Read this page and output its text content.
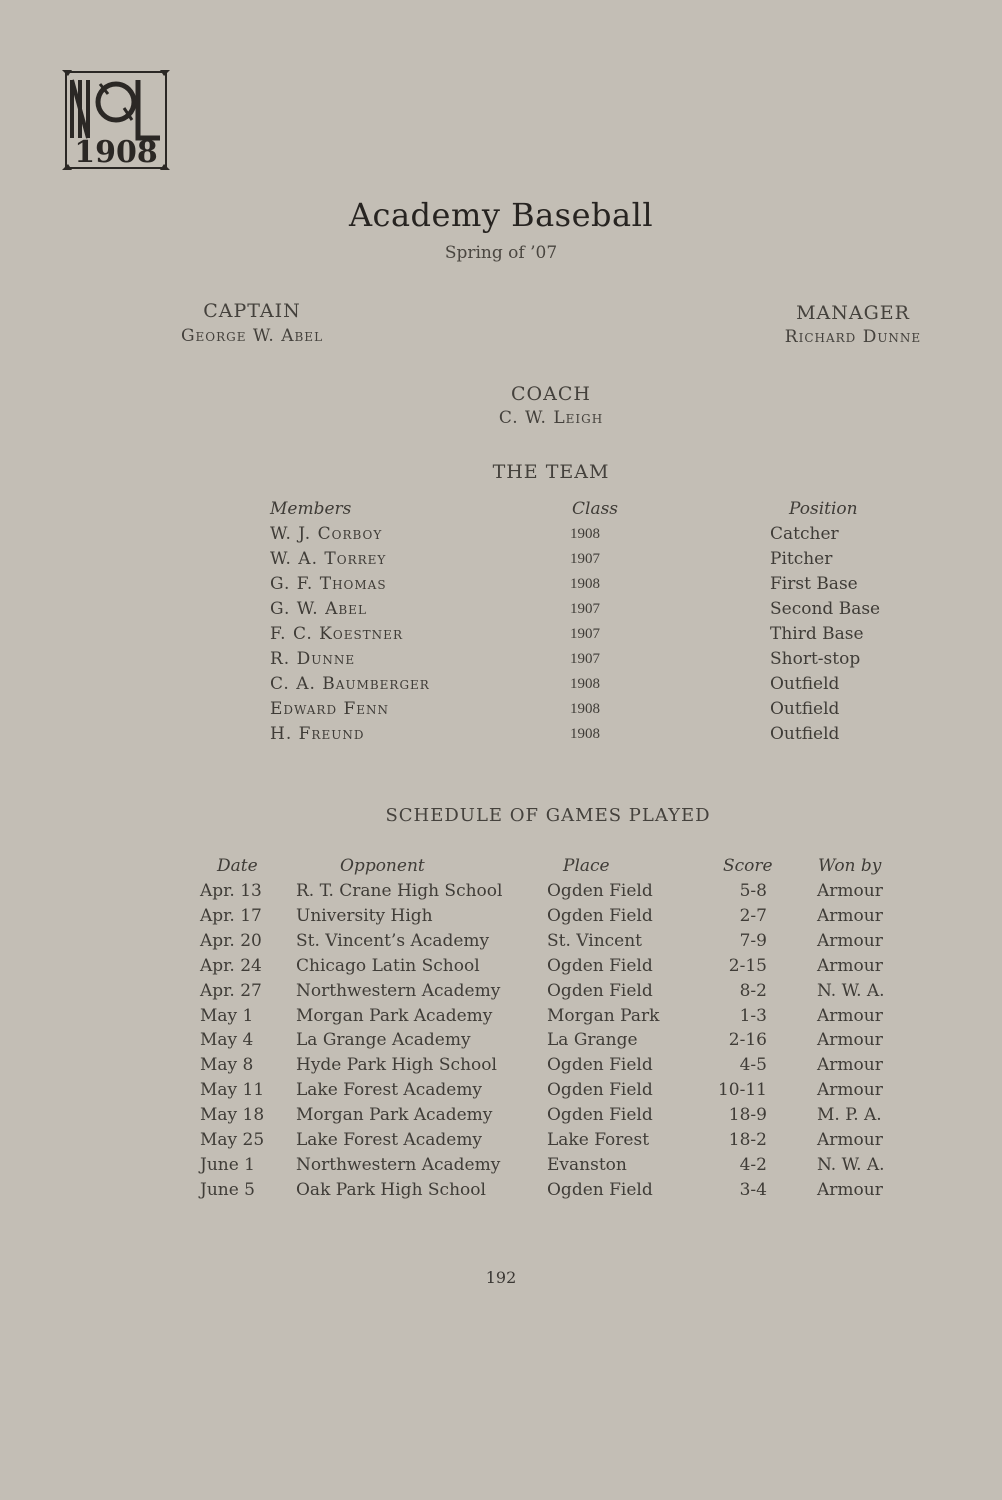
1908
Academy Baseball
Spring of ’07
CAPTAIN
George W. Abel
MANAGER
Richard Dunne
COACH
C. W. Leigh
THE TEAM
Members	Class	Position
W. J. Corboy	1908	Catcher
W. A. Torrey	1907	Pitcher
G. F. Thomas	1908	First Base
G. W. Abel	1907	Second Base
F. C. Koestner	1907	Third Base
R. Dunne	1907	Short-stop
C. A. Baumberger	1908	Outfield
Edward Fenn	1908	Outfield
H. Freund	1908	Outfield
SCHEDULE OF GAMES PLAYED
Date	Opponent	Place	Score	Won by
Apr. 13 R. T. Crane High School	Ogden Field	5-8	Armour
Apr. 17 University High	Ogden Field	2-7	Armour
Apr. 20 St. Vincent’s Academy	St. Vincent	7-9	Armour
Apr. 24 Chicago Latin School	Ogden Field	2-15	Armour
Apr. 27 Northwestern Academy	Ogden Field	8-2	N. W. A.
May 1	Morgan Park Academy	Morgan Park	1-3	Armour
May 4	La Grange Academy	La Grange	2-16	Armour
May 8	Hyde Park High School	Ogden Field	4-5	Armour
May 11 Lake Forest Academy	Ogden Field	10-11	Armour
May 18 Morgan Park Academy	Ogden Field	18-9	M. P. A.
May 25 Lake Forest Academy	Lake Forest	18-2	Armour
June 1 Northwestern Academy	Evanston	4-2	N. W. A.
June 5 Oak Park High School	Ogden Field	3-4	Armour
192
